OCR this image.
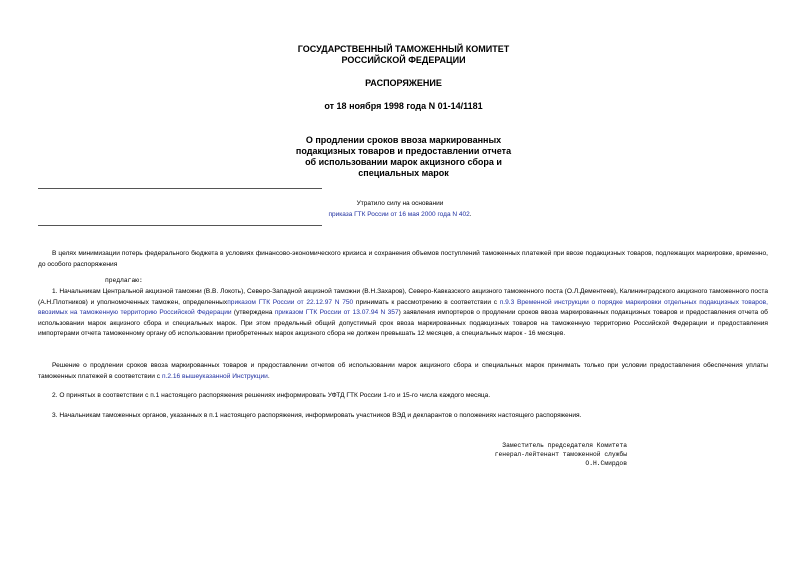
ГОСУДАРСТВЕННЫЙ ТАМОЖЕННЫЙ КОМИТЕТ
РОССИЙСКОЙ ФЕДЕРАЦИИ
РАСПОРЯЖЕНИЕ
от 18 ноября 1998 года N 01-14/1181
О продлении сроков ввоза маркированных
подакцизных товаров и предоставлении отчета
об использовании марок акцизного сбора и
специальных марок
Утратило силу на основании
приказа ГТК России от 16 мая 2000 года N 402.
В целях минимизации потерь федерального бюджета в условиях финансово-экономического кризиса и сохранения объемов поступлений таможенных платежей при ввозе подакцизных товаров, подлежащих маркировке, временно, до особого распоряжения
предлагаю:
1. Начальникам Центральной акцизной таможни (В.В. Локоть), Северо-Западной акцизной таможни (В.Н.Захаров), Северо-Кавказского акцизного таможенного поста (О.Л.Дементеев), Калининградского акцизного таможенного поста (А.Н.Плотников) и уполномоченных таможен, определенныхприказом ГТК России от 22.12.97 N 750 принимать к рассмотрению в соответствии с п.9.3 Временной инструкции о порядке маркировки отдельных подакцизных товаров, ввозимых на таможенную территорию Российской Федерации (утверждена приказом ГТК России от 13.07.94 N 357) заявления импортеров о продлении сроков ввоза маркированных подакцизных товаров и предоставления отчета об использовании марок акцизного сбора и специальных марок. При этом предельный общий допустимый срок ввоза маркированных подакцизных товаров на таможенную территорию Российской Федерации и предоставления импортерами отчета таможенному органу об использовании приобретенных марок акцизного сбора не должен превышать 12 месяцев, а специальных марок - 16 месяцев.
Решение о продлении сроков ввоза маркированных товаров и предоставлении отчетов об использовании марок акцизного сбора и специальных марок принимать только при условии предоставления обеспечения уплаты таможенных платежей в соответствии с п.2.16 вышеуказанной Инструкции.
2. О принятых в соответствии с п.1 настоящего распоряжения решениях информировать УФТД ГТК России 1-го и 15-го числа каждого месяца.
3. Начальникам таможенных органов, указанных в п.1 настоящего распоряжения, информировать участников ВЭД и декларантов о положениях настоящего распоряжения.
Заместитель председателя Комитета
генерал-лейтенант таможенной службы
О.Н.Смирдов
